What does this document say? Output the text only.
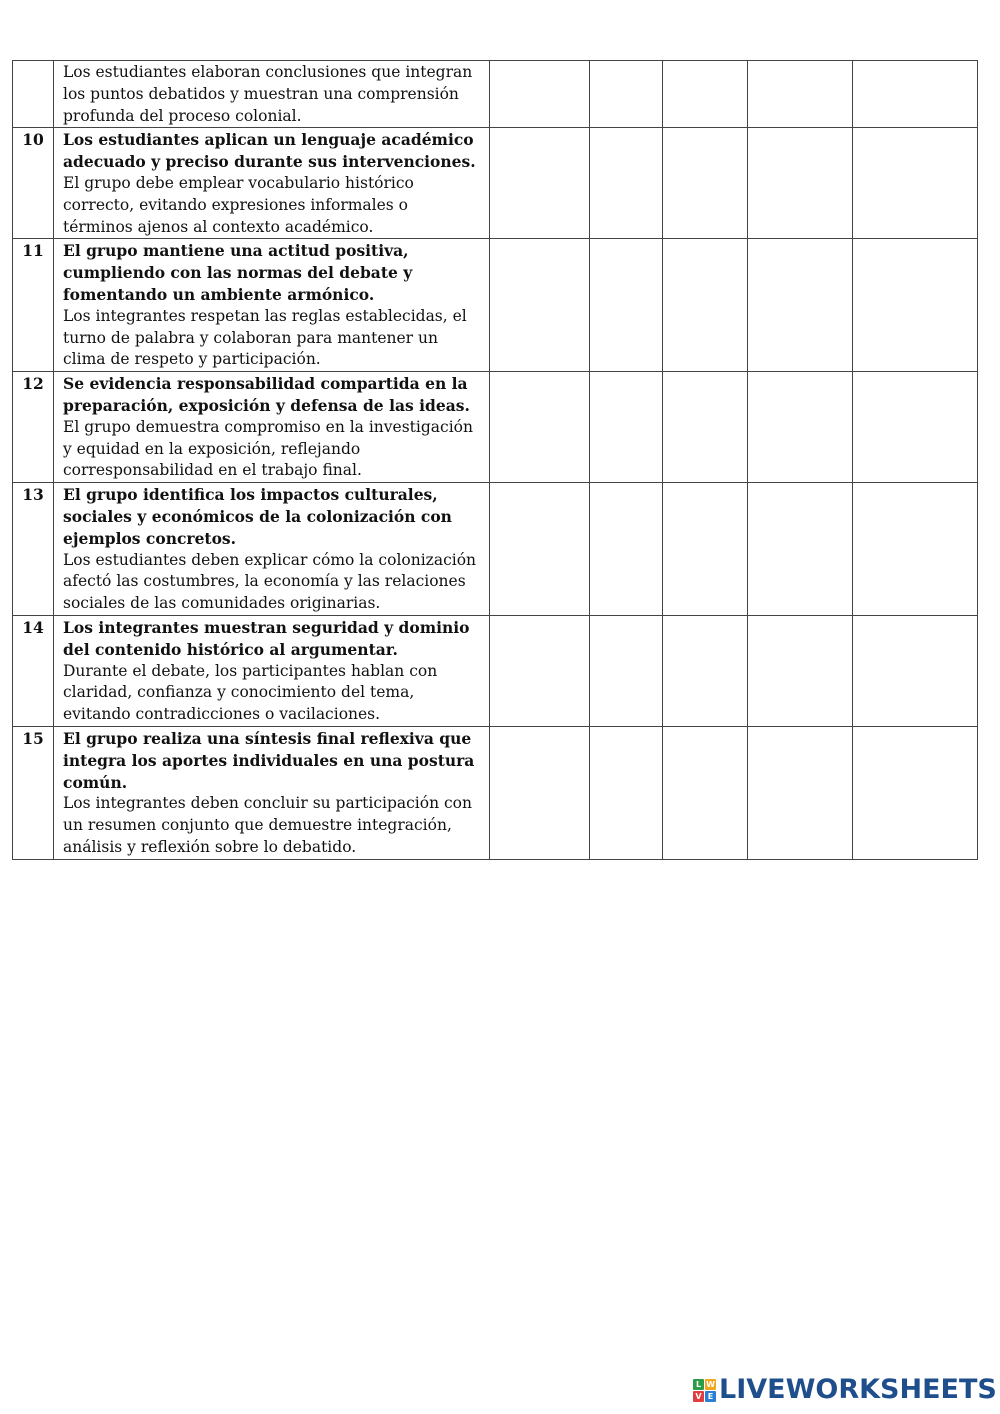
	Los estudiantes elaboran conclusiones que integran los puntos debatidos y muestran una comprensión profunda del proceso colonial.					

10	Los estudiantes aplican un lenguaje académico adecuado y preciso durante sus intervenciones.
El grupo debe emplear vocabulario histórico correcto, evitando expresiones informales o términos ajenos al contexto académico.					

11	El grupo mantiene una actitud positiva, cumpliendo con las normas del debate y fomentando un ambiente armónico.
Los integrantes respetan las reglas establecidas, el turno de palabra y colaboran para mantener un clima de respeto y participación.					

12	Se evidencia responsabilidad compartida en la preparación, exposición y defensa de las ideas.
El grupo demuestra compromiso en la investigación y equidad en la exposición, reflejando corresponsabilidad en el trabajo final.					

13	El grupo identifica los impactos culturales, sociales y económicos de la colonización con ejemplos concretos.
Los estudiantes deben explicar cómo la colonización afectó las costumbres, la economía y las relaciones sociales de las comunidades originarias.					

14	Los integrantes muestran seguridad y dominio del contenido histórico al argumentar.
Durante el debate, los participantes hablan con claridad, confianza y conocimiento del tema, evitando contradicciones o vacilaciones.					

15	El grupo realiza una síntesis final reflexiva que integra los aportes individuales en una postura común.
Los integrantes deben concluir su participación con un resumen conjunto que demuestre integración, análisis y reflexión sobre lo debatido.					

L W
V E LIVEWORKSHEETS
